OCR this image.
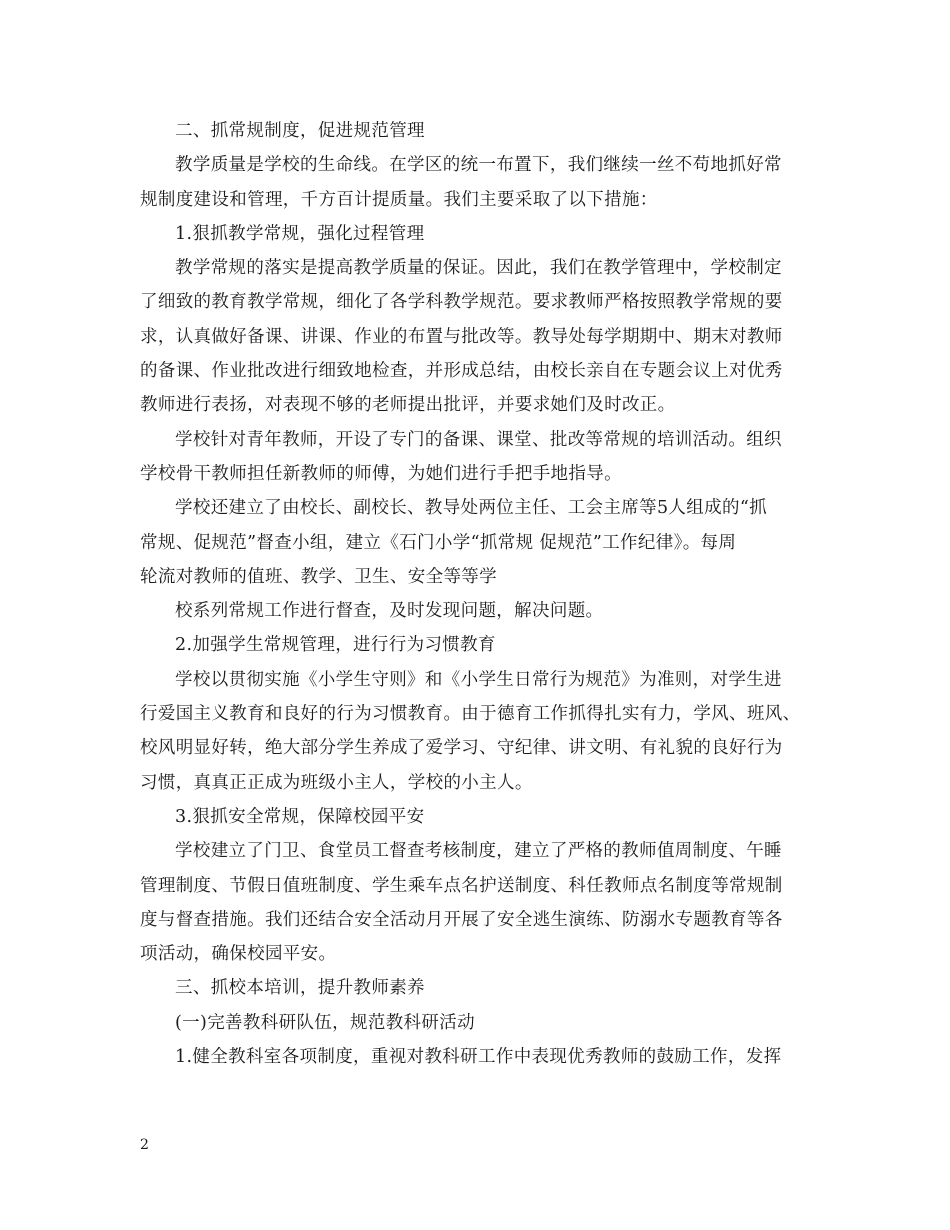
二、抓常规制度，促进规范管理
教学质量是学校的生命线。在学区的统一布置下，我们继续一丝不苟地抓好常
规制度建设和管理，千方百计提质量。我们主要采取了以下措施：
1.狠抓教学常规，强化过程管理
教学常规的落实是提高教学质量的保证。因此，我们在教学管理中，学校制定
了细致的教育教学常规，细化了各学科教学规范。要求教师严格按照教学常规的要
求，认真做好备课、讲课、作业的布置与批改等。教导处每学期期中、期末对教师
的备课、作业批改进行细致地检查，并形成总结，由校长亲自在专题会议上对优秀
教师进行表扬，对表现不够的老师提出批评，并要求她们及时改正。
学校针对青年教师，开设了专门的备课、课堂、批改等常规的培训活动。组织
学校骨干教师担任新教师的师傅，为她们进行手把手地指导。
学校还建立了由校长、副校长、教导处两位主任、工会主席等5人组成的“抓
常规、促规范”督查小组，建立《石门小学“抓常规 促规范”工作纪律》。每周
轮流对教师的值班、教学、卫生、安全等等学
校系列常规工作进行督查，及时发现问题，解决问题。
2.加强学生常规管理，进行行为习惯教育
学校以贯彻实施《小学生守则》和《小学生日常行为规范》为准则，对学生进
行爱国主义教育和良好的行为习惯教育。由于德育工作抓得扎实有力，学风、班风、
校风明显好转，绝大部分学生养成了爱学习、守纪律、讲文明、有礼貌的良好行为
习惯，真真正正成为班级小主人，学校的小主人。
3.狠抓安全常规，保障校园平安
学校建立了门卫、食堂员工督查考核制度，建立了严格的教师值周制度、午睡
管理制度、节假日值班制度、学生乘车点名护送制度、科任教师点名制度等常规制
度与督查措施。我们还结合安全活动月开展了安全逃生演练、防溺水专题教育等各
项活动，确保校园平安。
三、抓校本培训，提升教师素养
(一)完善教科研队伍，规范教科研活动
1.健全教科室各项制度，重视对教科研工作中表现优秀教师的鼓励工作，发挥
2
